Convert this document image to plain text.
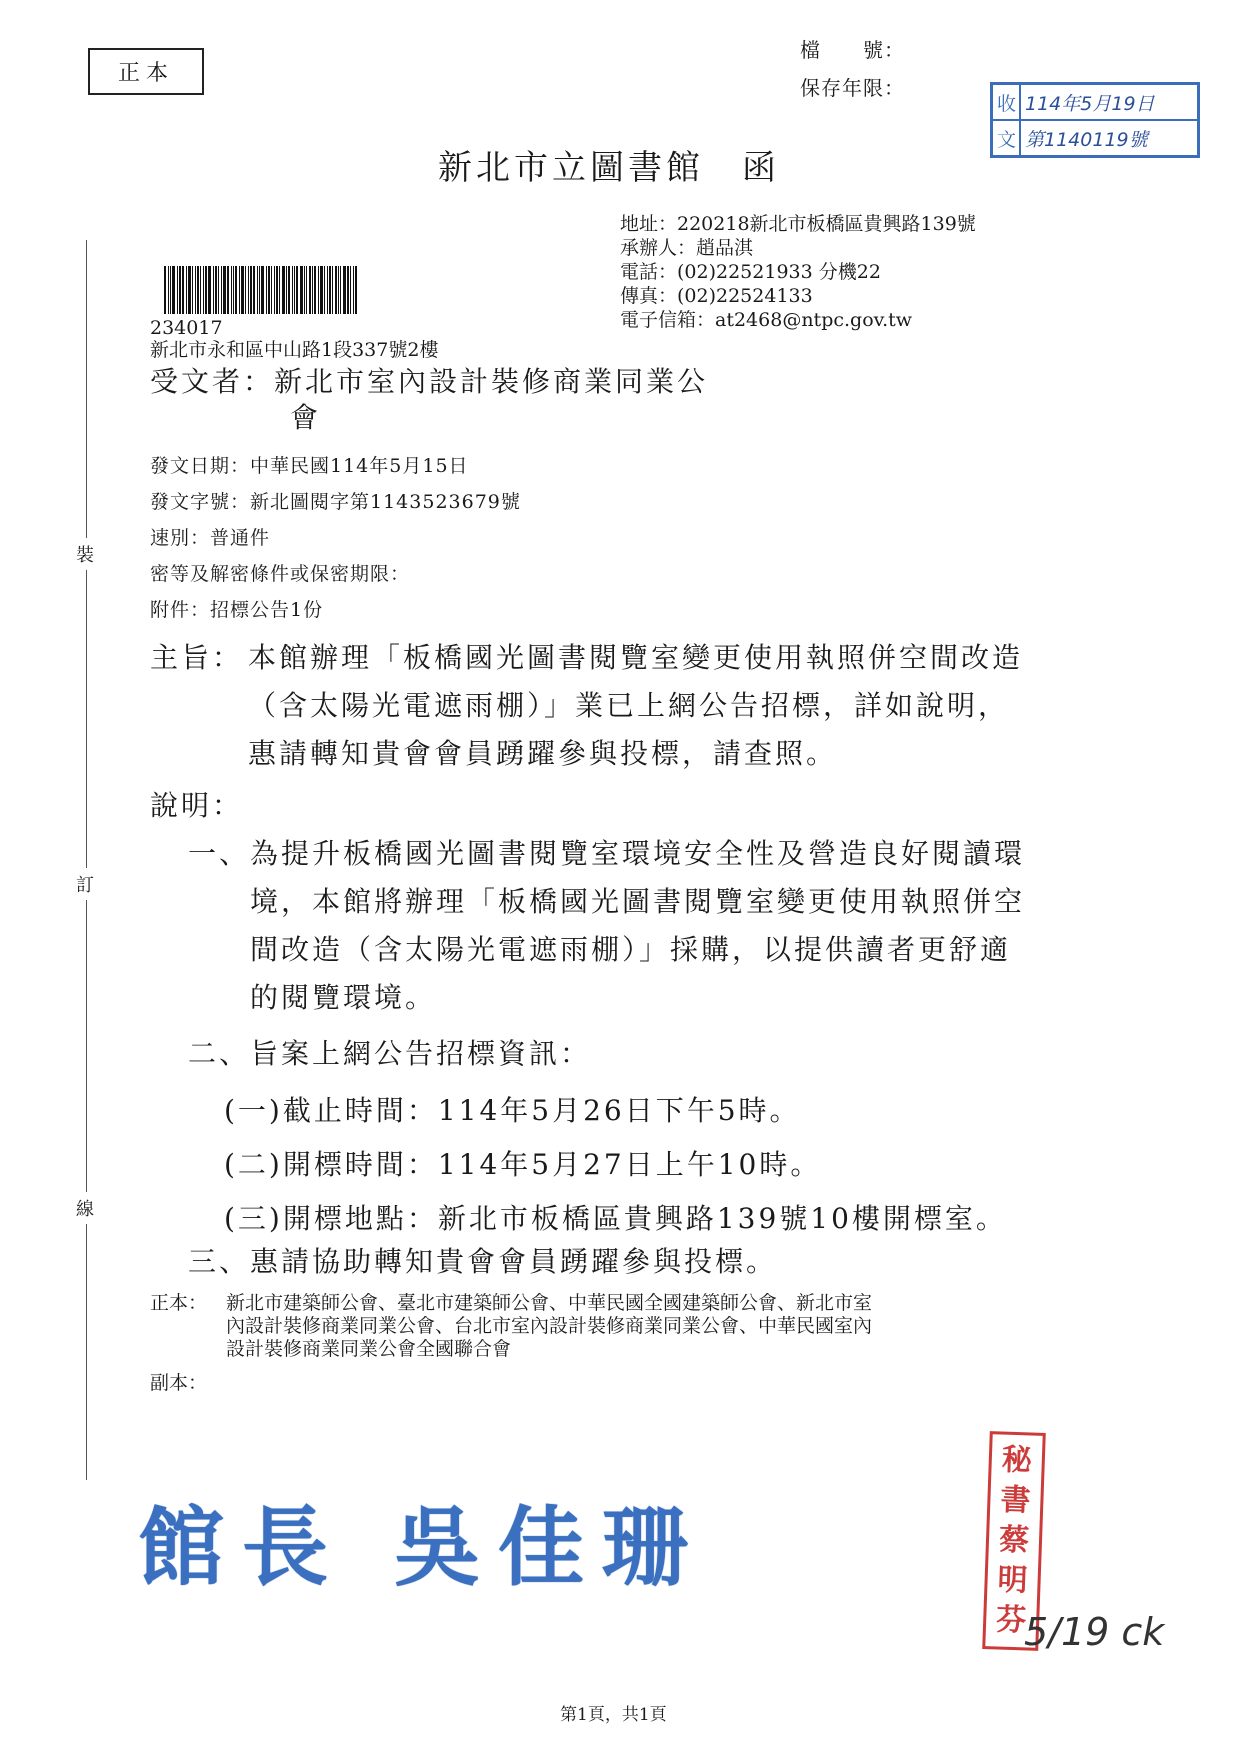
正本
檔　　號：
保存年限：
收 114年5月19日
文 第1140119號
新北市立圖書館　函
地址：220218新北市板橋區貴興路139號
承辦人：趙品淇
電話：(02)22521933 分機22
傳真：(02)22524133
電子信箱：at2468@ntpc.gov.tw
234017
新北市永和區中山路1段337號2樓
受文者：新北市室內設計裝修商業同業公
會
發文日期：中華民國114年5月15日
發文字號：新北圖閱字第1143523679號
速別：普通件
密等及解密條件或保密期限：
附件：招標公告1份
主旨： 本館辦理「板橋國光圖書閱覽室變更使用執照併空間改造
（含太陽光電遮雨棚）」業已上網公告招標，詳如說明，
惠請轉知貴會會員踴躍參與投標，請查照。
說明：
一、為提升板橋國光圖書閱覽室環境安全性及營造良好閱讀環
境，本館將辦理「板橋國光圖書閱覽室變更使用執照併空
間改造（含太陽光電遮雨棚）」採購，以提供讀者更舒適
的閱覽環境。
二、旨案上網公告招標資訊：
(一)截止時間：114年5月26日下午5時。
(二)開標時間：114年5月27日上午10時。
(三)開標地點：新北市板橋區貴興路139號10樓開標室。
三、惠請協助轉知貴會會員踴躍參與投標。
正本： 新北市建築師公會、臺北市建築師公會、中華民國全國建築師公會、新北市室
內設計裝修商業同業公會、台北市室內設計裝修商業同業公會、中華民國室內
設計裝修商業同業公會全國聯合會
副本：
裝
訂
線
館長 吳佳珊
秘書蔡明芬
5/19 ck
第1頁，共1頁
